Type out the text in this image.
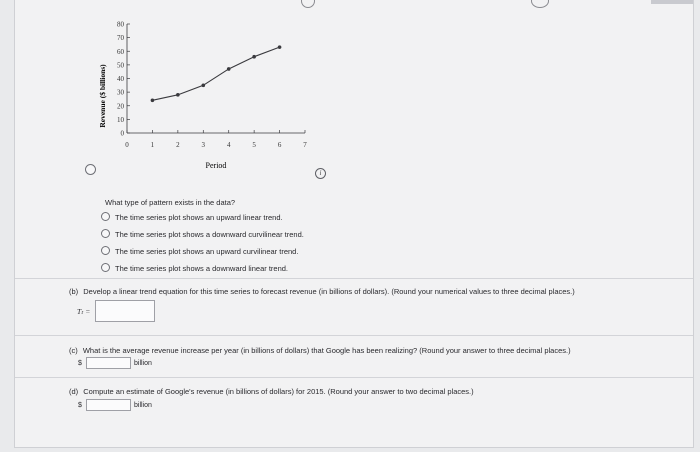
Revenue ($ billions)
Period
0
10
20
30
40
50
60
70
80
0	1	2	3	4	5	6	7
i
What type of pattern exists in the data?
The time series plot shows an upward linear trend.
The time series plot shows a downward curvilinear trend.
The time series plot shows an upward curvilinear trend.
The time series plot shows a downward linear trend.
(b) Develop a linear trend equation for this time series to forecast revenue (in billions of dollars). (Round your numerical values to three decimal places.)
Tₜ =
(c) What is the average revenue increase per year (in billions of dollars) that Google has been realizing? (Round your answer to three decimal places.)
$	billion
(d) Compute an estimate of Google's revenue (in billions of dollars) for 2015. (Round your answer to two decimal places.)
$	billion
